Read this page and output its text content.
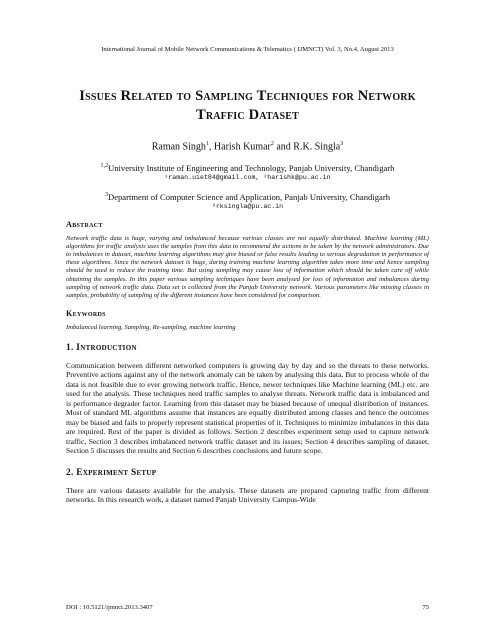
International Journal of Mobile Network Communications & Telematics ( IJMNCT) Vol. 3, No.4, August 2013
Issues Related to Sampling Techniques for Network Traffic Dataset
Raman Singh$^1$, Harish Kumar$^2$ and R.K. Singla$^3$
$^{1,2}$University Institute of Engineering and Technology, Panjab University, Chandigarh
¹raman.uiet84@gmail.com, ²harishk@pu.ac.in
$^3$Department of Computer Science and Application, Panjab University, Chandigarh
³rksingla@pu.ac.in
Abstract

Network traffic data is huge, varying and imbalanced because various classes are not equally distributed. Machine learning (ML) algorithms for traffic analysis uses the samples from this data to recommend the actions to be taken by the network administrators. Due to imbalances in dataset, machine learning algorithms may give biased or false results leading to serious degradation in performance of these algorithms. Since the network dataset is huge, during training machine learning algorithm takes more time and hence sampling should be used to reduce the training time. But using sampling may cause loss of information which should be taken care off while obtaining the samples. In this paper various sampling techniques have been analysed for loss of information and imbalances during sampling of network traffic data. Data set is collected from the Panjab University network. Various parameters like missing classes in samples, probability of sampling of the different instances have been considered for comparison.

Keywords

Imbalanced learning, Sampling, Re-sampling, machine learning

1. Introduction

Communication between different networked computers is growing day by day and so the threats to these networks. Preventive actions against any of the network anomaly can be taken by analysing this data. But to process whole of the data is not feasible due to ever growing network traffic. Hence, newer techniques like Machine learning (ML) etc. are used for the analysis. These techniques need traffic samples to analyse threats. Network traffic data is imbalanced and is performance degrader factor. Learning from this dataset may be biased because of unequal distribution of instances. Most of standard ML algorithms assume that instances are equally distributed among classes and hence the outcomes may be biased and fails to properly represent statistical properties of it. Techniques to minimize imbalances in this data are required. Rest of the paper is divided as follows. Section 2 describes experiment setup used to capture network traffic, Section 3 describes imbalanced network traffic dataset and its issues; Section 4 describes sampling of dataset, Section 5 discusses the results and Section 6 describes conclusions and future scope.

2. Experiment Setup

There are various datasets available for the analysis. These datasets are prepared capturing traffic from different networks. In this research work, a dataset named Panjab University Campus-Wide

DOI : 10.5121/ijmnct.2013.3407	75
